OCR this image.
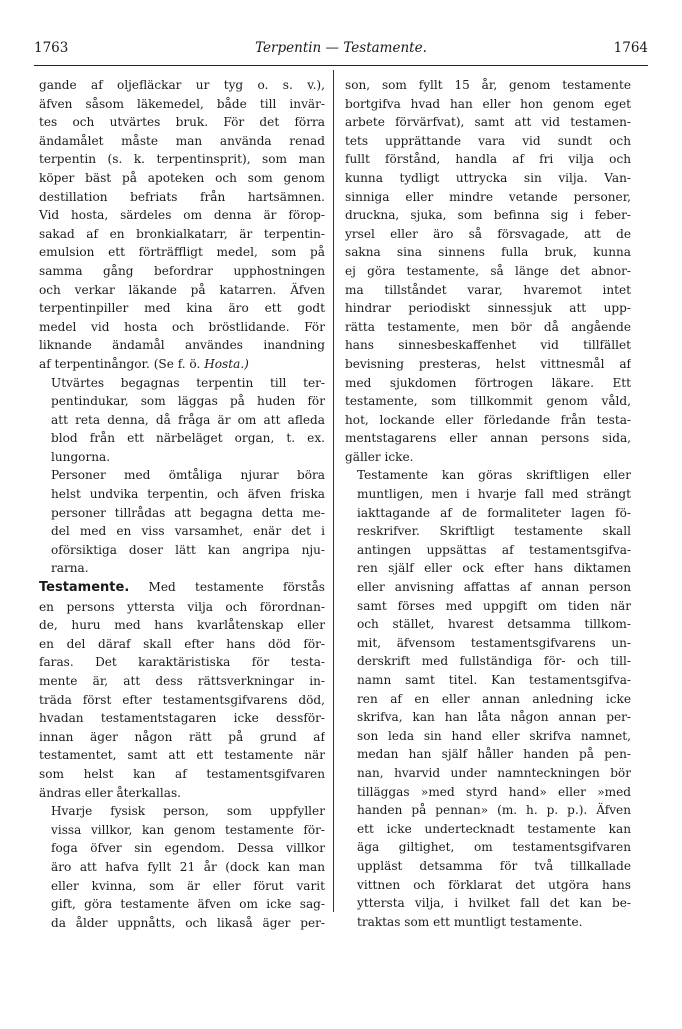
1763	Terpentin — Testamente.	1764

gande af oljefläckar ur tyg o. s. v.),
äfven såsom läkemedel, både till invär-
tes och utvärtes bruk. För det förra
ändamålet måste man använda renad
terpentin (s. k. terpentinsprit), som man
köper bäst på apoteken och som genom
destillation befriats från hartsämnen.
Vid hosta, särdeles om denna är förор-
sakad af en bronkialkatarr, är terpentin-
emulsion ett förträffligt medel, som på
samma gång befordrar upphostningen
och verkar läkande på katarren. Äfven
terpentinpiller med kina äro ett godt
medel vid hosta och bröstlidande. För
liknande ändamål användes inandning
af terpentinångor. (Se f. ö. Hosta.)

Utvärtes begagnas terpentin till ter-
pentindukar, som läggas på huden för
att reta denna, då fråga är om att afleda
blod från ett närbeläget organ, t. ex.
lungorna.

Personer med ömtåliga njurar böra
helst undvika terpentin, och äfven friska
personer tillrådas att begagna detta me-
del med en viss varsamhet, enär det i
oförsiktiga doser lätt kan angripa nju-
rarna.

Testamente. Med testamente förstås
en persons yttersta vilja och förordnan-
de, huru med hans kvarlåtenskap eller
en del däraf skall efter hans död för-
faras. Det karaktäristiska för testa-
mente är, att dess rättsverkningar in-
träda först efter testamentsgifvarens död,
hvadan testamentstagaren icke dessför-
innan äger någon rätt på grund af
testamentet, samt att ett testamente när
som helst kan af testamentsgifvaren
ändras eller återkallas.

Hvarje fysisk person, som uppfyller
vissa villkor, kan genom testamente för-
foga öfver sin egendom. Dessa villkor
äro att hafva fyllt 21 år (dock kan man
eller kvinna, som är eller förut varit
gift, göra testamente äfven om icke sag-
da ålder uppnåtts, och likaså äger per-

son, som fyllt 15 år, genom testamente
bortgifva hvad han eller hon genom eget
arbete förvärfvat), samt att vid testamen-
tets upprättande vara vid sundt och
fullt förstånd, handla af fri vilja och
kunna tydligt uttrycka sin vilja. Van-
sinniga eller mindre vetande personer,
druckna, sjuka, som befinna sig i feber-
yrsel eller äro så försvagade, att de
sakna sina sinnens fulla bruk, kunna
ej göra testamente, så länge det abnor-
ma tillståndet varar, hvaremot intet
hindrar periodiskt sinnessjuk att upp-
rätta testamente, men bör då angående
hans sinnesbeskaffenhet vid tillfället
bevisning presteras, helst vittnesmål af
med sjukdomen förtrogen läkare. Ett
testamente, som tillkommit genom våld,
hot, lockande eller förledande från testa-
mentstagarens eller annan persons sida,
gäller icke.

Testamente kan göras skriftligen eller
muntligen, men i hvarje fall med strängt
iakttagande af de formaliteter lagen fö-
reskrifver. Skriftligt testamente skall
antingen uppsättas af testamentsgifva-
ren själf eller ock efter hans diktamen
eller anvisning affattas af annan person
samt förses med uppgift om tiden när
och stället, hvarest detsamma tillkom-
mit, äfvensom testamentsgifvarens un-
derskrift med fullständiga för- och till-
namn samt titel. Kan testamentsgifva-
ren af en eller annan anledning icke
skrifva, kan han låta någon annan per-
son leda sin hand eller skrifva namnet,
medan han själf håller handen på pen-
nan, hvarvid under namnteckningen bör
tilläggas »med styrd hand» eller »med
handen på pennan» (m. h. p. p.). Äfven
ett icke undertecknadt testamente kan
äga giltighet, om testamentsgifvaren
uppläst detsamma för två tillkallade
vittnen och förklarat det utgöra hans
yttersta vilja, i hvilket fall det kan be-
traktas som ett muntligt testamente.
